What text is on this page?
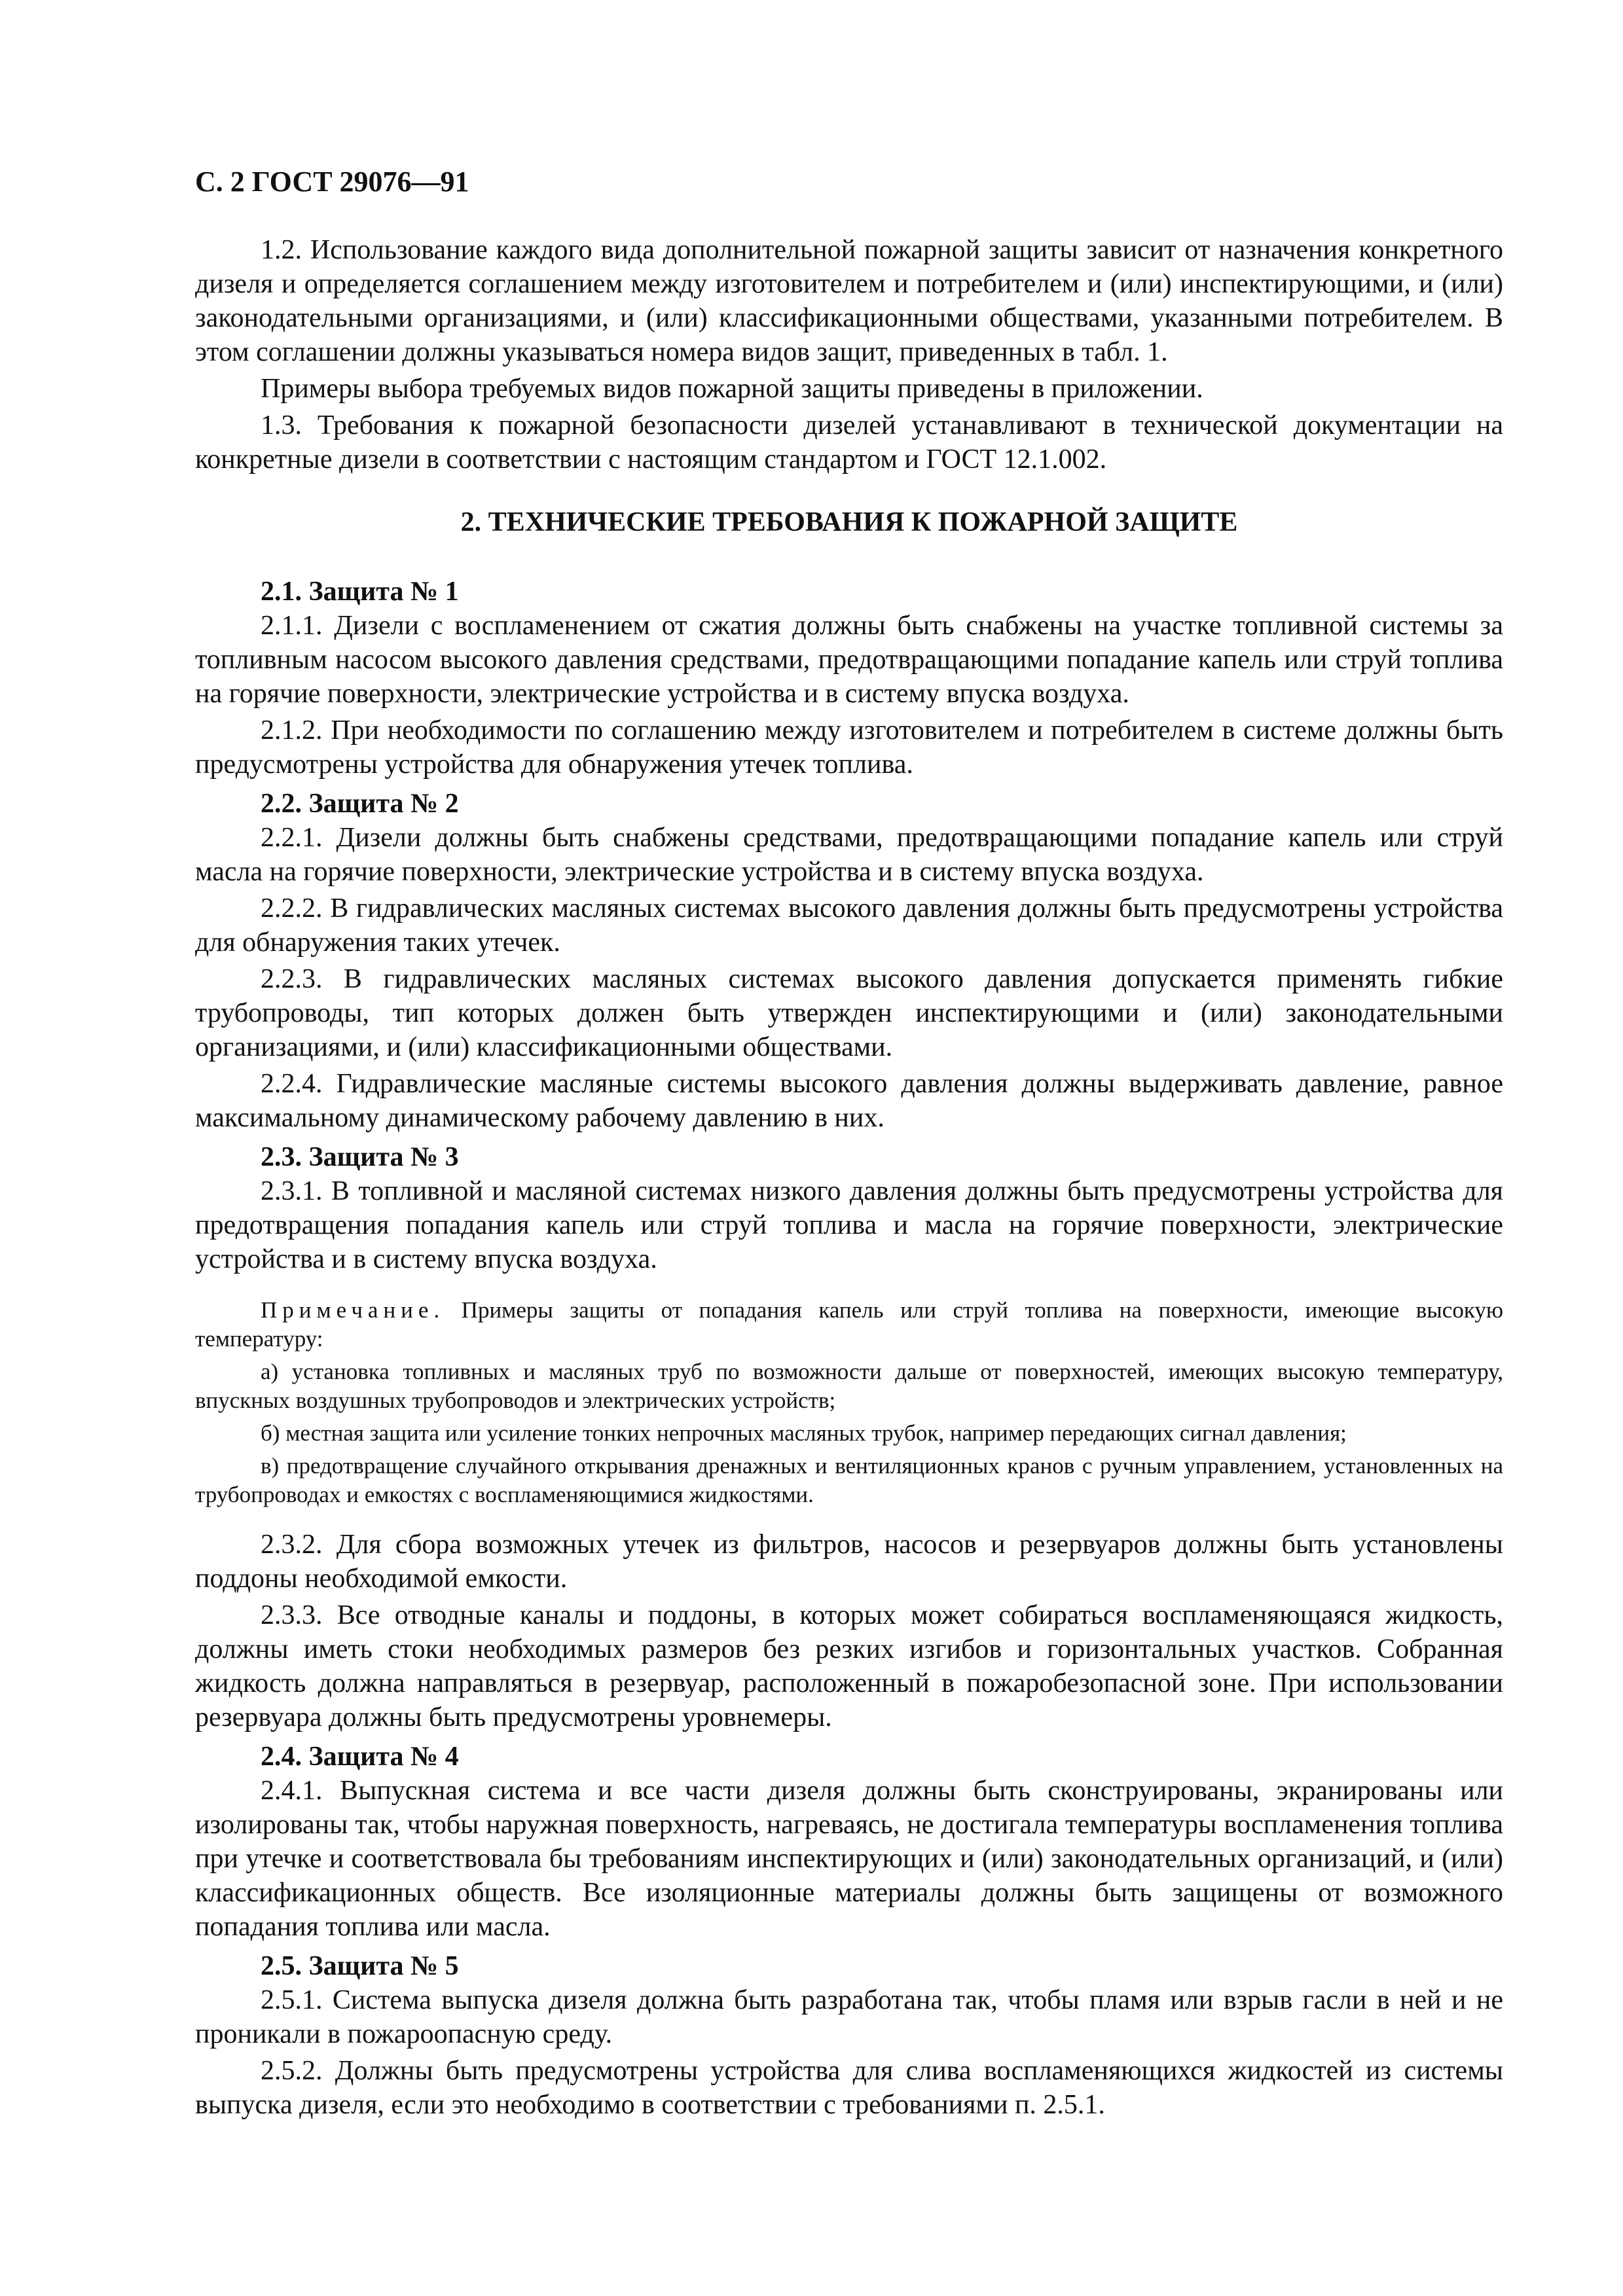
С. 2 ГОСТ 29076—91
1.2. Использование каждого вида дополнительной пожарной защиты зависит от назначения конкретного дизеля и определяется соглашением между изготовителем и потребителем и (или) инспектирующими, и (или) законодательными организациями, и (или) классификационными обществами, указанными потребителем. В этом соглашении должны указываться номера видов защит, приведенных в табл. 1.
Примеры выбора требуемых видов пожарной защиты приведены в приложении.
1.3. Требования к пожарной безопасности дизелей устанавливают в технической документации на конкретные дизели в соответствии с настоящим стандартом и ГОСТ 12.1.002.
2. ТЕХНИЧЕСКИЕ ТРЕБОВАНИЯ К ПОЖАРНОЙ ЗАЩИТЕ
2.1. Защита № 1
2.1.1. Дизели с воспламенением от сжатия должны быть снабжены на участке топливной системы за топливным насосом высокого давления средствами, предотвращающими попадание капель или струй топлива на горячие поверхности, электрические устройства и в систему впуска воздуха.
2.1.2. При необходимости по соглашению между изготовителем и потребителем в системе должны быть предусмотрены устройства для обнаружения утечек топлива.
2.2. Защита № 2
2.2.1. Дизели должны быть снабжены средствами, предотвращающими попадание капель или струй масла на горячие поверхности, электрические устройства и в систему впуска воздуха.
2.2.2. В гидравлических масляных системах высокого давления должны быть предусмотрены устройства для обнаружения таких утечек.
2.2.3. В гидравлических масляных системах высокого давления допускается применять гибкие трубопроводы, тип которых должен быть утвержден инспектирующими и (или) законодательными организациями, и (или) классификационными обществами.
2.2.4. Гидравлические масляные системы высокого давления должны выдерживать давление, равное максимальному динамическому рабочему давлению в них.
2.3. Защита № 3
2.3.1. В топливной и масляной системах низкого давления должны быть предусмотрены устройства для предотвращения попадания капель или струй топлива и масла на горячие поверхности, электрические устройства и в систему впуска воздуха.
Примечание. Примеры защиты от попадания капель или струй топлива на поверхности, имеющие высокую температуру:
а) установка топливных и масляных труб по возможности дальше от поверхностей, имеющих высокую температуру, впускных воздушных трубопроводов и электрических устройств;
б) местная защита или усиление тонких непрочных масляных трубок, например передающих сигнал давления;
в) предотвращение случайного открывания дренажных и вентиляционных кранов с ручным управлением, установленных на трубопроводах и емкостях с воспламеняющимися жидкостями.
2.3.2. Для сбора возможных утечек из фильтров, насосов и резервуаров должны быть установлены поддоны необходимой емкости.
2.3.3. Все отводные каналы и поддоны, в которых может собираться воспламеняющаяся жидкость, должны иметь стоки необходимых размеров без резких изгибов и горизонтальных участков. Собранная жидкость должна направляться в резервуар, расположенный в пожаробезопасной зоне. При использовании резервуара должны быть предусмотрены уровнемеры.
2.4. Защита № 4
2.4.1. Выпускная система и все части дизеля должны быть сконструированы, экранированы или изолированы так, чтобы наружная поверхность, нагреваясь, не достигала температуры воспламенения топлива при утечке и соответствовала бы требованиям инспектирующих и (или) законодательных организаций, и (или) классификационных обществ. Все изоляционные материалы должны быть защищены от возможного попадания топлива или масла.
2.5. Защита № 5
2.5.1. Система выпуска дизеля должна быть разработана так, чтобы пламя или взрыв гасли в ней и не проникали в пожароопасную среду.
2.5.2. Должны быть предусмотрены устройства для слива воспламеняющихся жидкостей из системы выпуска дизеля, если это необходимо в соответствии с требованиями п. 2.5.1.
